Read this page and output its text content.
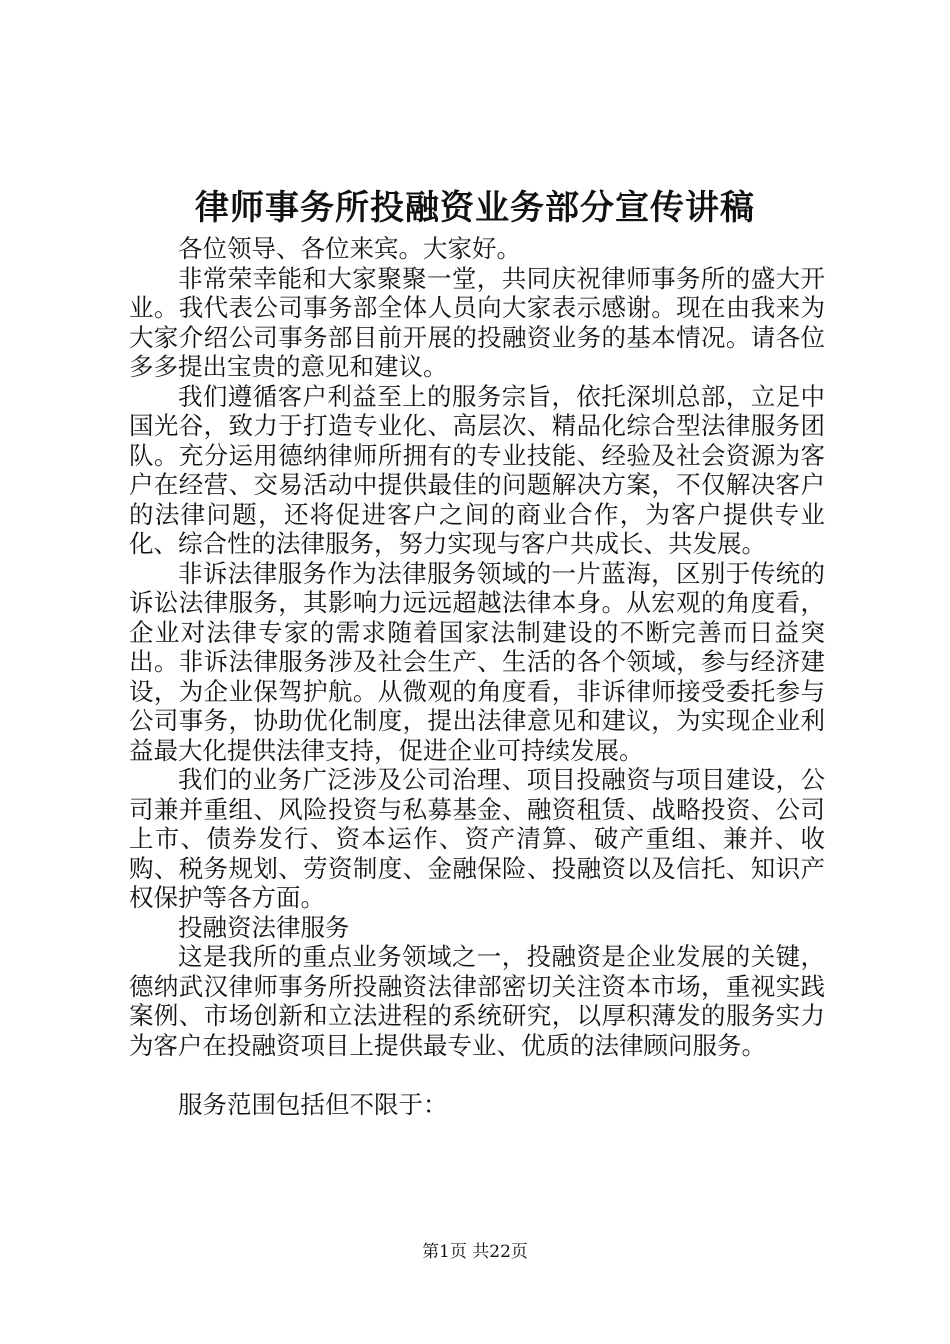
律师事务所投融资业务部分宣传讲稿

各位领导、各位来宾。大家好。

非常荣幸能和大家聚聚一堂，共同庆祝律师事务所的盛大开业。我代表公司事务部全体人员向大家表示感谢。现在由我来为大家介绍公司事务部目前开展的投融资业务的基本情况。请各位多多提出宝贵的意见和建议。

我们遵循客户利益至上的服务宗旨，依托深圳总部，立足中国光谷，致力于打造专业化、高层次、精品化综合型法律服务团队。充分运用德纳律师所拥有的专业技能、经验及社会资源为客户在经营、交易活动中提供最佳的问题解决方案，不仅解决客户的法律问题，还将促进客户之间的商业合作，为客户提供专业化、综合性的法律服务，努力实现与客户共成长、共发展。

非诉法律服务作为法律服务领域的一片蓝海，区别于传统的诉讼法律服务，其影响力远远超越法律本身。从宏观的角度看，企业对法律专家的需求随着国家法制建设的不断完善而日益突出。非诉法律服务涉及社会生产、生活的各个领域，参与经济建设，为企业保驾护航。从微观的角度看，非诉律师接受委托参与公司事务，协助优化制度，提出法律意见和建议，为实现企业利益最大化提供法律支持，促进企业可持续发展。

我们的业务广泛涉及公司治理、项目投融资与项目建设，公司兼并重组、风险投资与私募基金、融资租赁、战略投资、公司上市、债券发行、资本运作、资产清算、破产重组、兼并、收购、税务规划、劳资制度、金融保险、投融资以及信托、知识产权保护等各方面。

投融资法律服务

这是我所的重点业务领域之一，投融资是企业发展的关键，德纳武汉律师事务所投融资法律部密切关注资本市场，重视实践案例、市场创新和立法进程的系统研究，以厚积薄发的服务实力为客户在投融资项目上提供最专业、优质的法律顾问服务。

服务范围包括但不限于：

第1页 共22页
